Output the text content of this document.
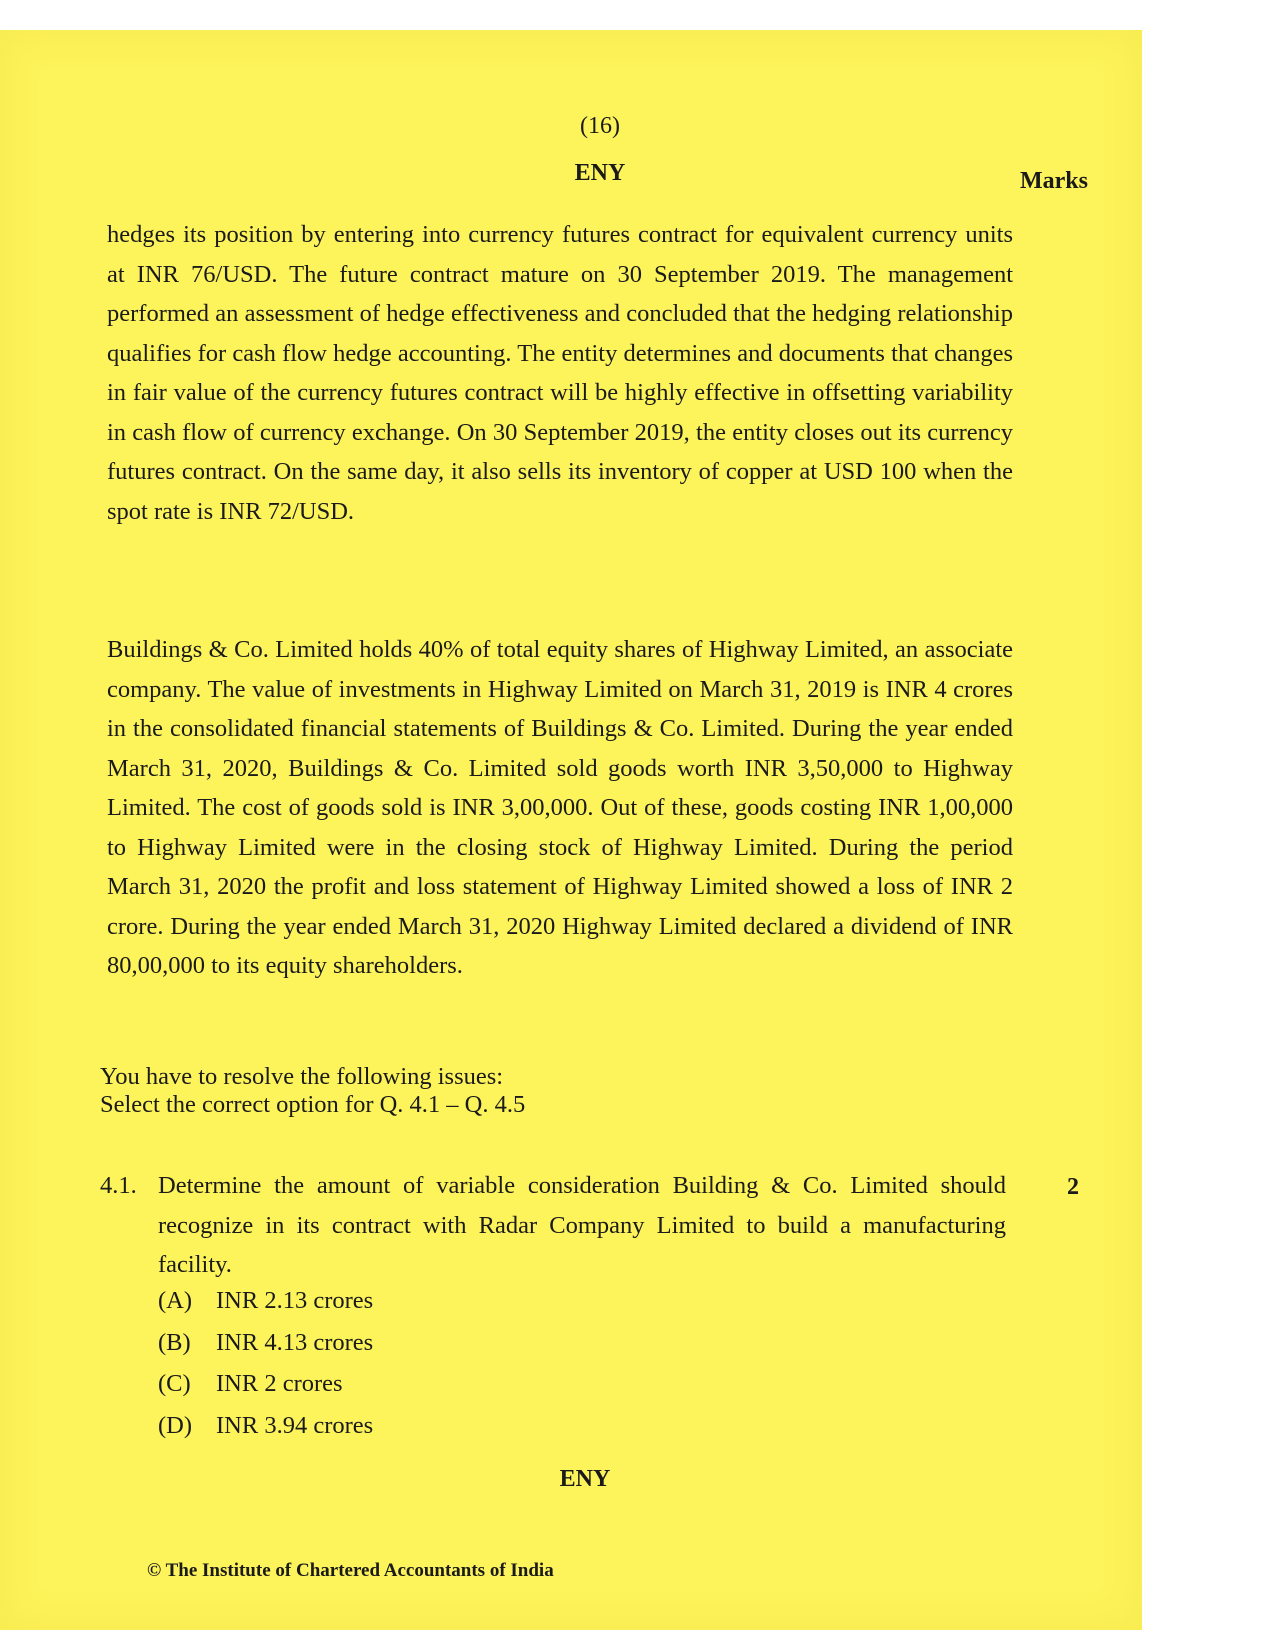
(16)
ENY	Marks
hedges its position by entering into currency futures contract for equivalent currency units at INR 76/USD. The future contract mature on 30 September 2019. The management performed an assessment of hedge effectiveness and concluded that the hedging relationship qualifies for cash flow hedge accounting. The entity determines and documents that changes in fair value of the currency futures contract will be highly effective in offsetting variability in cash flow of currency exchange. On 30 September 2019, the entity closes out its currency futures contract. On the same day, it also sells its inventory of copper at USD 100 when the spot rate is INR 72/USD.
Buildings & Co. Limited holds 40% of total equity shares of Highway Limited, an associate company. The value of investments in Highway Limited on March 31, 2019 is INR 4 crores in the consolidated financial statements of Buildings & Co. Limited. During the year ended March 31, 2020, Buildings & Co. Limited sold goods worth INR 3,50,000 to Highway Limited. The cost of goods sold is INR 3,00,000. Out of these, goods costing INR 1,00,000 to Highway Limited were in the closing stock of Highway Limited. During the period March 31, 2020 the profit and loss statement of Highway Limited showed a loss of INR 2 crore. During the year ended March 31, 2020 Highway Limited declared a dividend of INR 80,00,000 to its equity shareholders.
You have to resolve the following issues:
Select the correct option for Q. 4.1 – Q. 4.5
4.1. Determine the amount of variable consideration Building & Co. Limited should recognize in its contract with Radar Company Limited to build a manufacturing facility.
2
(A) INR 2.13 crores
(B)	INR 4.13 crores
(C)	INR 2 crores
(D) INR 3.94 crores
ENY
© The Institute of Chartered Accountants of India
